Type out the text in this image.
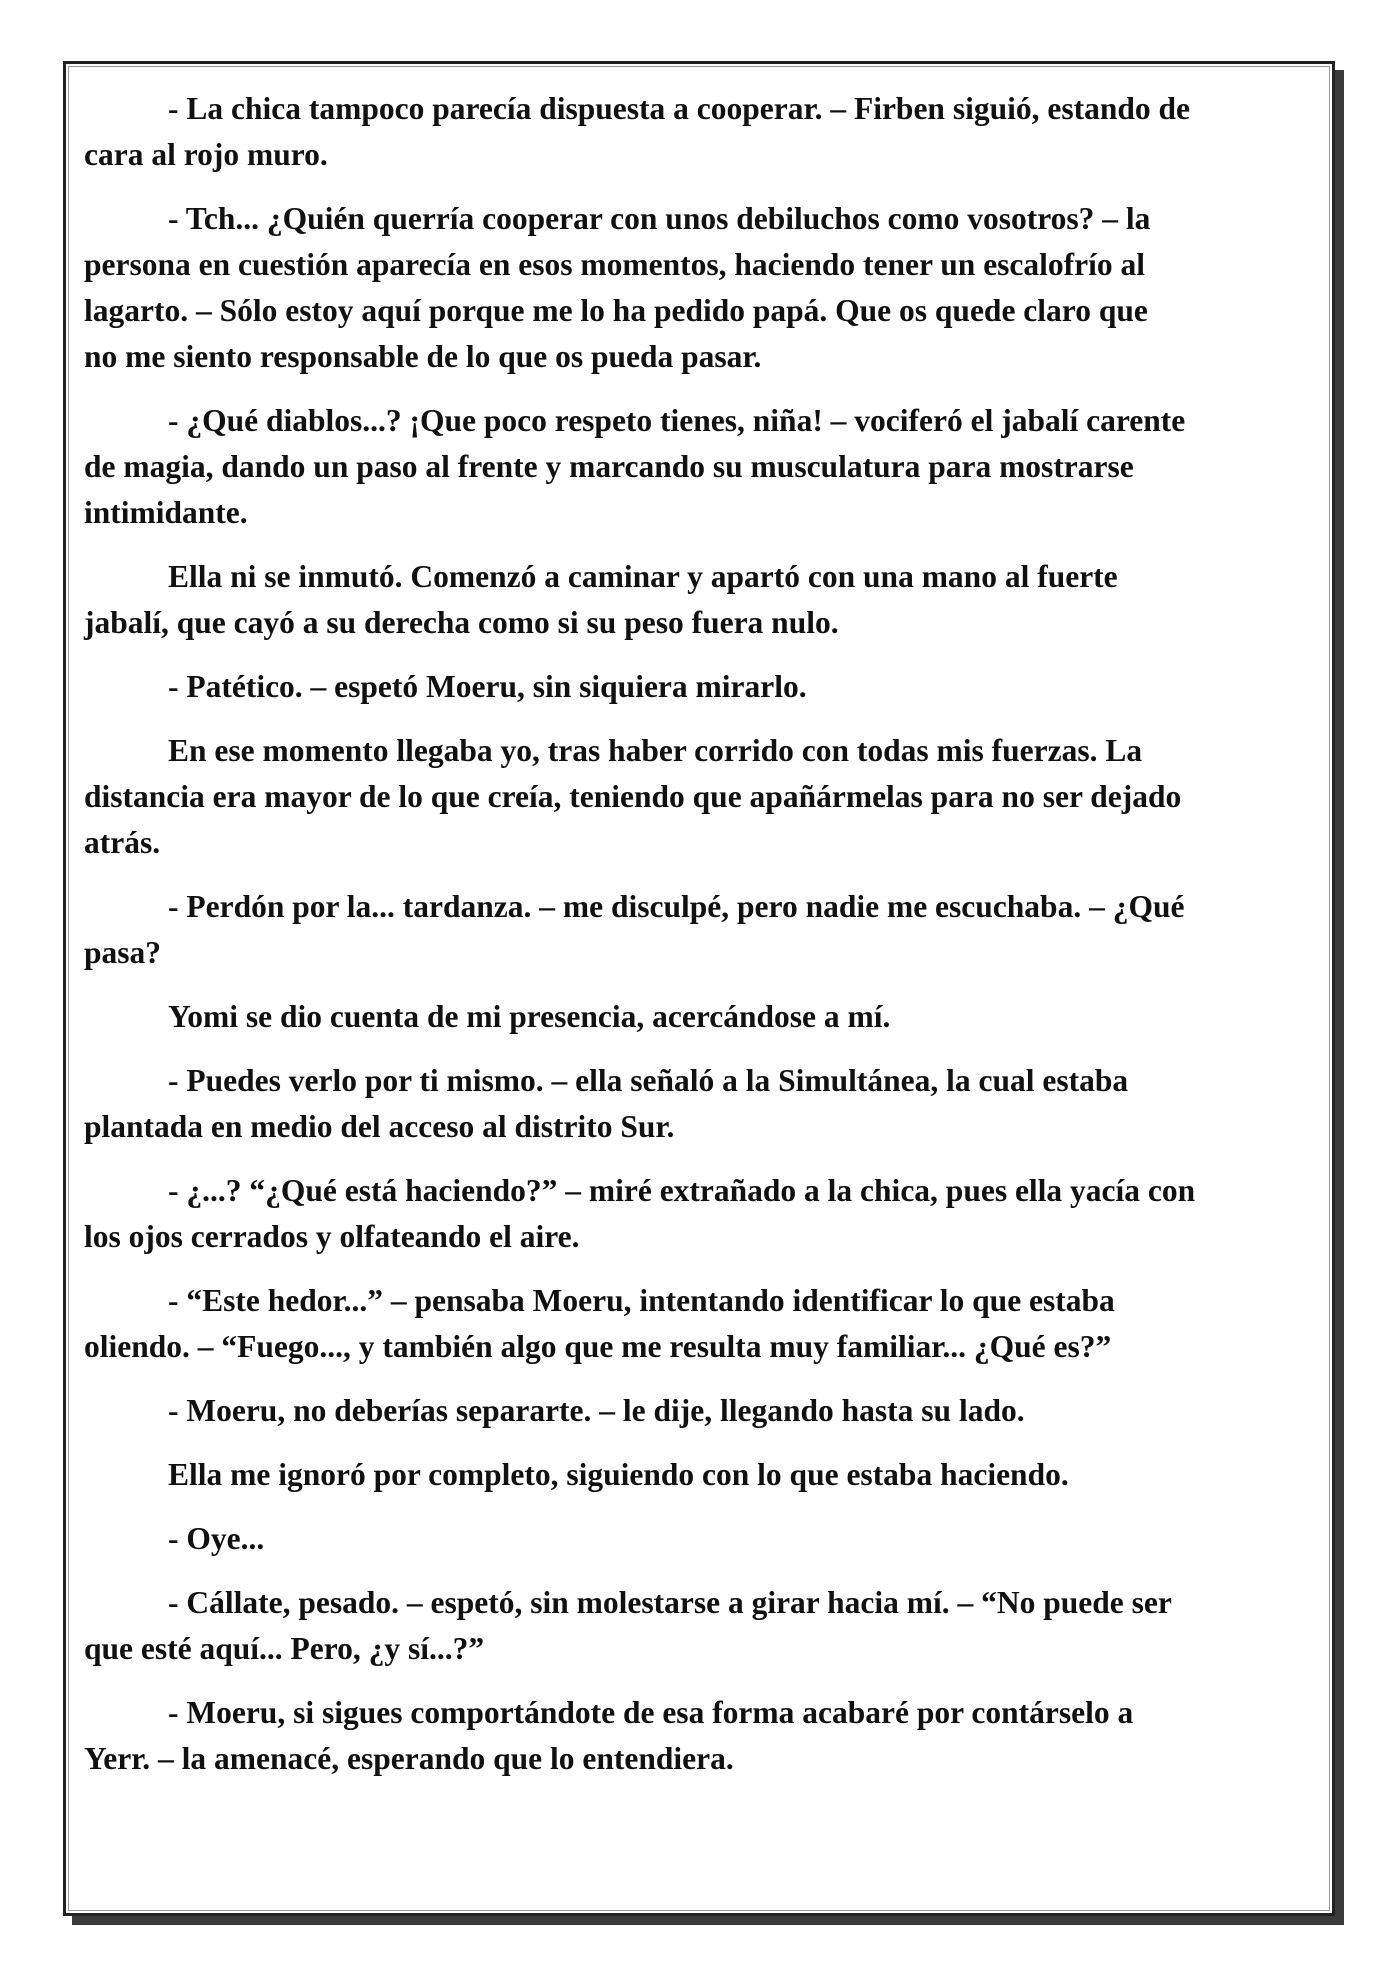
- La chica tampoco parecía dispuesta a cooperar. – Firben siguió, estando de
cara al rojo muro.
- Tch... ¿Quién querría cooperar con unos debiluchos como vosotros? – la
persona en cuestión aparecía en esos momentos, haciendo tener un escalofrío al
lagarto. – Sólo estoy aquí porque me lo ha pedido papá. Que os quede claro que
no me siento responsable de lo que os pueda pasar.
- ¿Qué diablos...? ¡Que poco respeto tienes, niña! – vociferó el jabalí carente
de magia, dando un paso al frente y marcando su musculatura para mostrarse
intimidante.
Ella ni se inmutó. Comenzó a caminar y apartó con una mano al fuerte
jabalí, que cayó a su derecha como si su peso fuera nulo.
- Patético. – espetó Moeru, sin siquiera mirarlo.
En ese momento llegaba yo, tras haber corrido con todas mis fuerzas. La
distancia era mayor de lo que creía, teniendo que apañármelas para no ser dejado
atrás.
- Perdón por la... tardanza. – me disculpé, pero nadie me escuchaba. – ¿Qué
pasa?
Yomi se dio cuenta de mi presencia, acercándose a mí.
- Puedes verlo por ti mismo. – ella señaló a la Simultánea, la cual estaba
plantada en medio del acceso al distrito Sur.
- ¿...? “¿Qué está haciendo?” – miré extrañado a la chica, pues ella yacía con
los ojos cerrados y olfateando el aire.
- “Este hedor...” – pensaba Moeru, intentando identificar lo que estaba
oliendo. – “Fuego..., y también algo que me resulta muy familiar... ¿Qué es?”
- Moeru, no deberías separarte. – le dije, llegando hasta su lado.
Ella me ignoró por completo, siguiendo con lo que estaba haciendo.
- Oye...
- Cállate, pesado. – espetó, sin molestarse a girar hacia mí. – “No puede ser
que esté aquí... Pero, ¿y sí...?”
- Moeru, si sigues comportándote de esa forma acabaré por contárselo a
Yerr. – la amenacé, esperando que lo entendiera.
